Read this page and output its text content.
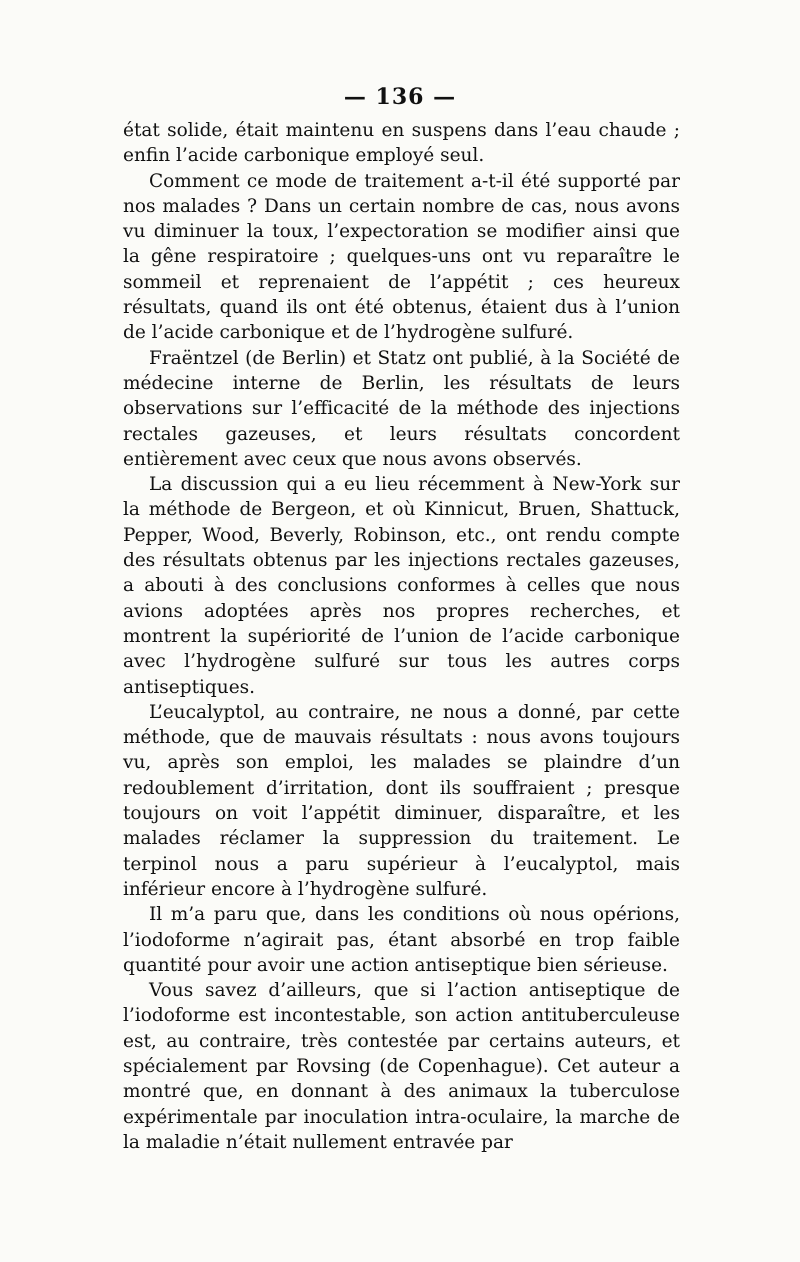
— 136 —

état solide, était maintenu en suspens dans l’eau chaude ; enfin l’acide carbonique employé seul.

Comment ce mode de traitement a-t-il été supporté par nos malades ? Dans un certain nombre de cas, nous avons vu diminuer la toux, l’expectoration se modifier ainsi que la gêne respiratoire ; quelques-uns ont vu reparaître le sommeil et reprenaient de l’appétit ; ces heureux résultats, quand ils ont été obtenus, étaient dus à l’union de l’acide carbonique et de l’hydrogène sulfuré.

Fraëntzel (de Berlin) et Statz ont publié, à la Société de médecine interne de Berlin, les résultats de leurs observations sur l’efficacité de la méthode des injections rectales gazeuses, et leurs résultats concordent entièrement avec ceux que nous avons observés.

La discussion qui a eu lieu récemment à New-York sur la méthode de Bergeon, et où Kinnicut, Bruen, Shattuck, Pepper, Wood, Beverly, Robinson, etc., ont rendu compte des résultats obtenus par les injections rectales gazeuses, a abouti à des conclusions conformes à celles que nous avions adoptées après nos propres recherches, et montrent la supériorité de l’union de l’acide carbonique avec l’hydrogène sulfuré sur tous les autres corps antiseptiques.

L’eucalyptol, au contraire, ne nous a donné, par cette méthode, que de mauvais résultats : nous avons toujours vu, après son emploi, les malades se plaindre d’un redoublement d’irritation, dont ils souffraient ; presque toujours on voit l’appétit diminuer, disparaître, et les malades réclamer la suppression du traitement. Le terpinol nous a paru supérieur à l’eucalyptol, mais inférieur encore à l’hydrogène sulfuré.

Il m’a paru que, dans les conditions où nous opérions, l’iodoforme n’agirait pas, étant absorbé en trop faible quantité pour avoir une action antiseptique bien sérieuse.

Vous savez d’ailleurs, que si l’action antiseptique de l’iodoforme est incontestable, son action antituberculeuse est, au contraire, très contestée par certains auteurs, et spécialement par Rovsing (de Copenhague). Cet auteur a montré que, en donnant à des animaux la tuberculose expérimentale par inoculation intra-oculaire, la marche de la maladie n’était nullement entravée par
